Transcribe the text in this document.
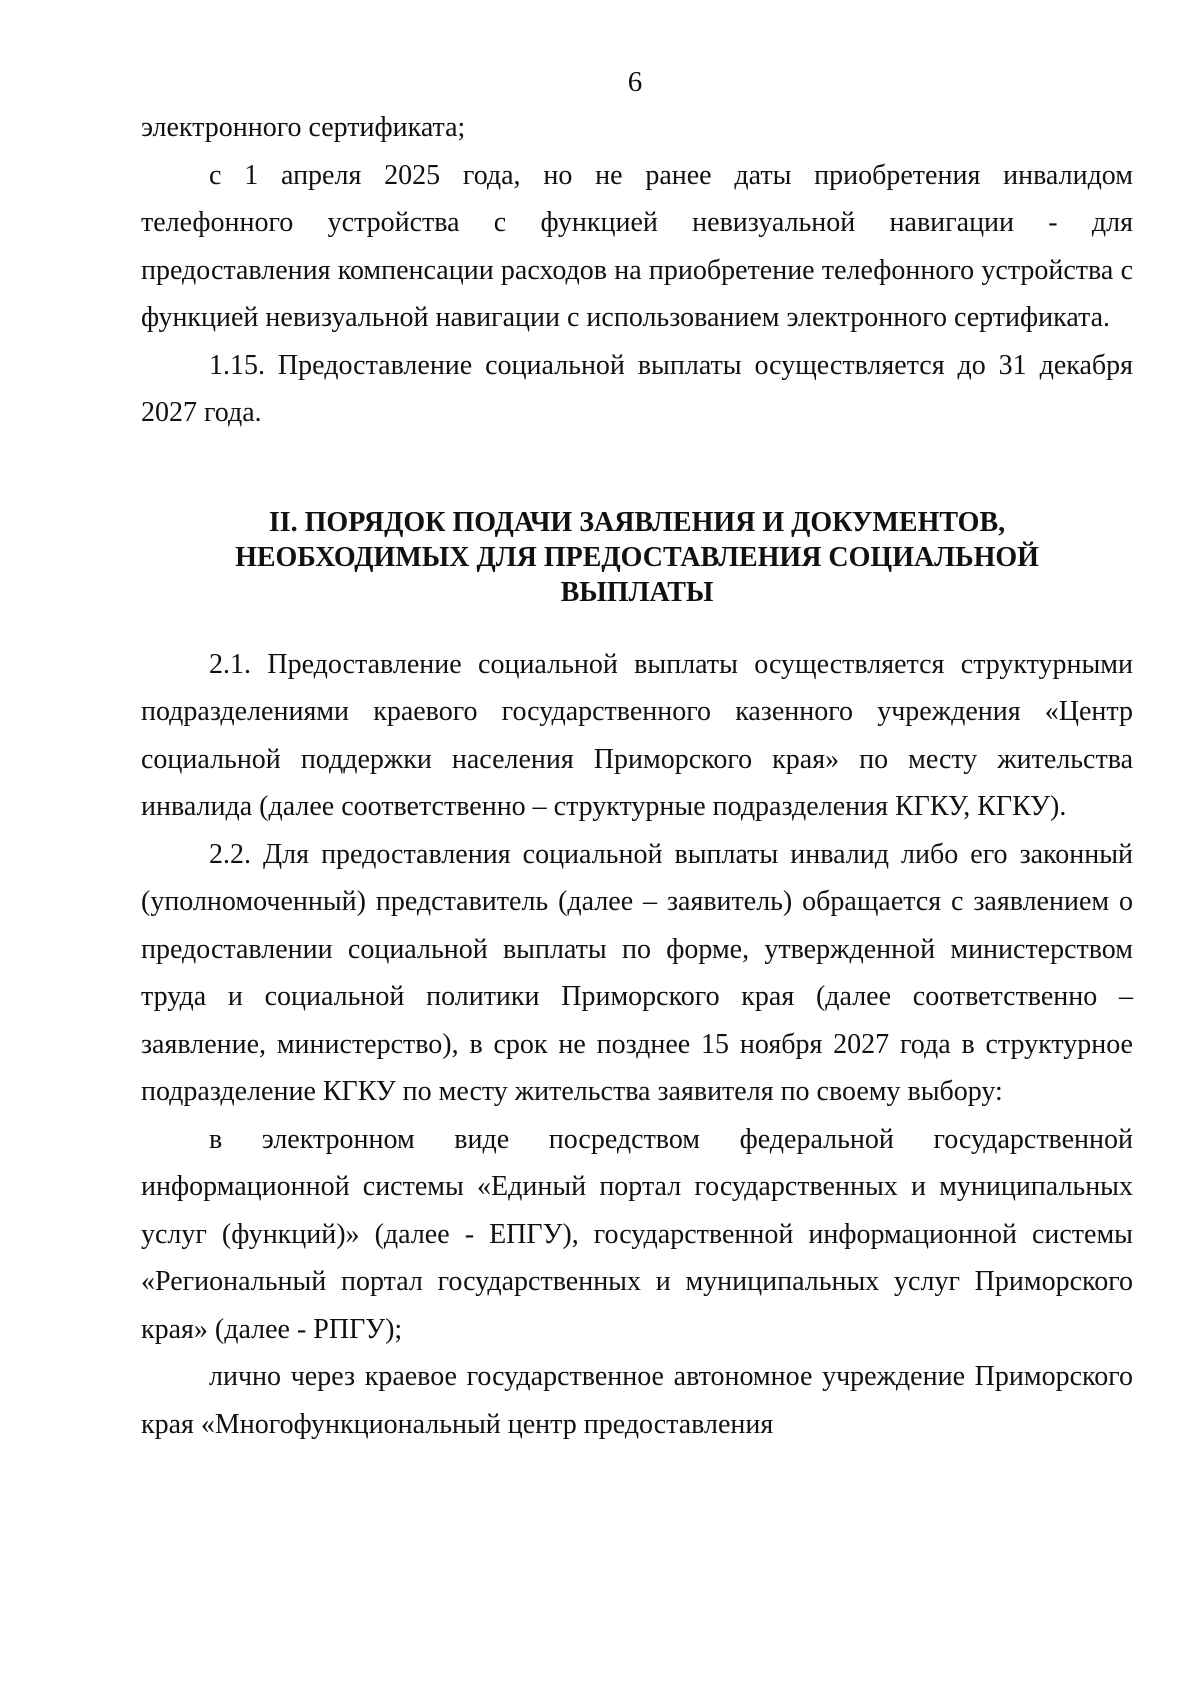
6

электронного сертификата;

с 1 апреля 2025 года, но не ранее даты приобретения инвалидом телефонного устройства с функцией невизуальной навигации - для предоставления компенсации расходов на приобретение телефонного устройства с функцией невизуальной навигации с использованием электронного сертификата.

1.15. Предоставление социальной выплаты осуществляется до 31 декабря 2027 года.

II. ПОРЯДОК ПОДАЧИ ЗАЯВЛЕНИЯ И ДОКУМЕНТОВ,
НЕОБХОДИМЫХ ДЛЯ ПРЕДОСТАВЛЕНИЯ СОЦИАЛЬНОЙ
ВЫПЛАТЫ

2.1. Предоставление социальной выплаты осуществляется структурными подразделениями краевого государственного казенного учреждения «Центр социальной поддержки населения Приморского края» по месту жительства инвалида (далее соответственно – структурные подразделения КГКУ, КГКУ).

2.2. Для предоставления социальной выплаты инвалид либо его законный (уполномоченный) представитель (далее – заявитель) обращается с заявлением о предоставлении социальной выплаты по форме, утвержденной министерством труда и социальной политики Приморского края (далее соответственно – заявление, министерство), в срок не позднее 15 ноября 2027 года в структурное подразделение КГКУ по месту жительства заявителя по своему выбору:

в электронном виде посредством федеральной государственной информационной системы «Единый портал государственных и муниципальных услуг (функций)» (далее - ЕПГУ), государственной информационной системы «Региональный портал государственных и муниципальных услуг Приморского края» (далее - РПГУ);

лично через краевое государственное автономное учреждение Приморского края «Многофункциональный центр предоставления
